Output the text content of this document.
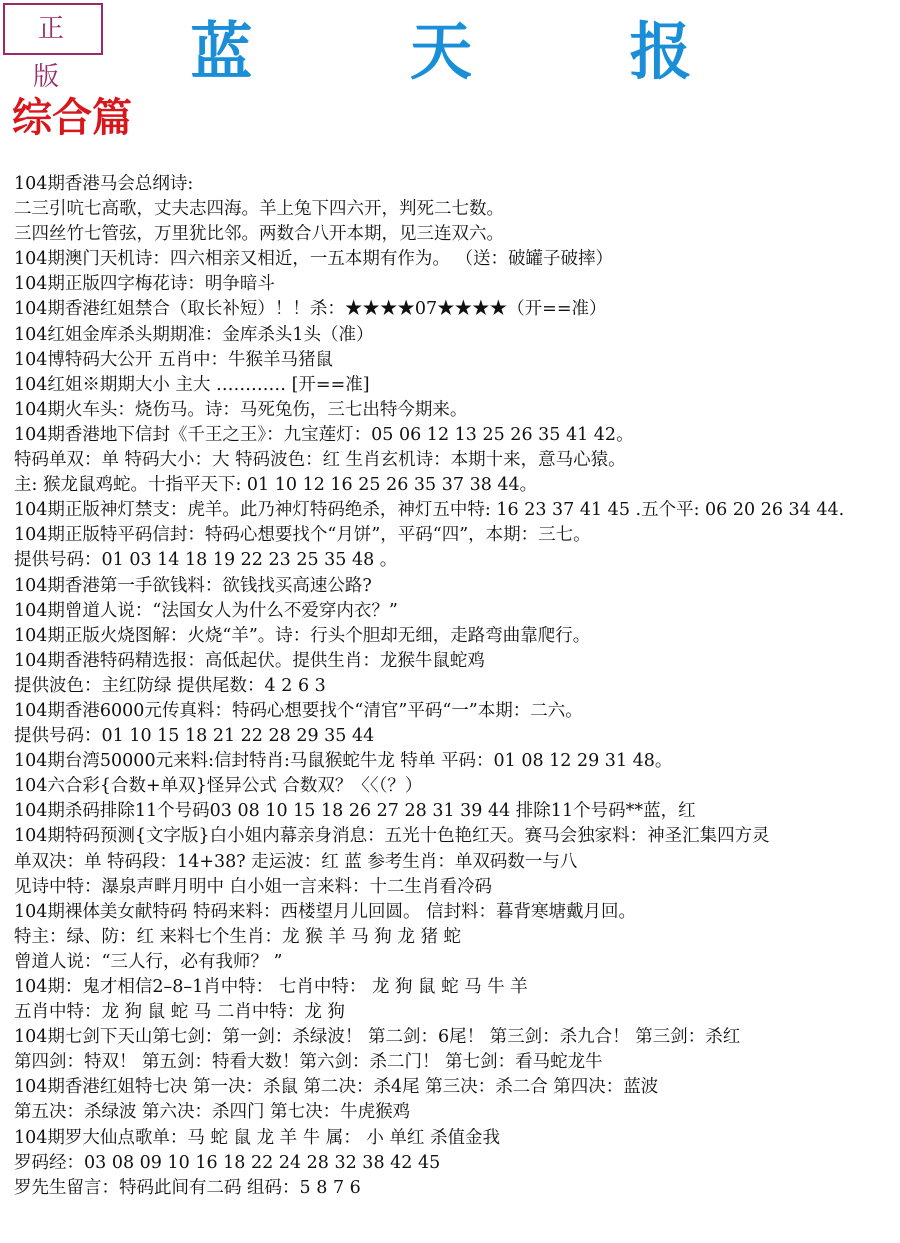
正 版	蓝 天 报
综合篇
104期香港马会总纲诗:
二三引吭七高歌，丈夫志四海。羊上兔下四六开，判死二七数。
三四丝竹七管弦，万里犹比邻。两数合八开本期，见三连双六。
104期澳门天机诗：四六相亲又相近，一五本期有作为。 （送：破罐子破摔）
104期正版四字梅花诗：明争暗斗
104期香港红姐禁合（取长补短）！！杀：★★★★07★★★★（开==准）
104红姐金库杀头期期准：金库杀头1头（准）
104博特码大公开 五肖中：牛猴羊马猪鼠
104红姐※期期大小 主大 ………… [开==准]
104期火车头：烧伤马。诗：马死兔伤，三七出特今期来。
104期香港地下信封《千王之王》：九宝莲灯：05 06 12 13 25 26 35 41 42。
特码单双：单 特码大小：大 特码波色：红 生肖玄机诗：本期十来，意马心猿。
主: 猴龙鼠鸡蛇。十指平天下: 01 10 12 16 25 26 35 37 38 44。
104期正版神灯禁支：虎羊。此乃神灯特码绝杀，神灯五中特: 16 23 37 41 45 .五个平: 06 20 26 34 44.
104期正版特平码信封：特码心想要找个“月饼”，平码“四”，本期：三七。
提供号码：01 03 14 18 19 22 23 25 35 48 。
104期香港第一手欲钱料：欲钱找买高速公路?
104期曾道人说：“法国女人为什么不爱穿内衣？”
104期正版火烧图解：火烧“羊”。诗：行头个胆却无细，走路弯曲靠爬行。
104期香港特码精选报：高低起伏。提供生肖：龙猴牛鼠蛇鸡
提供波色：主红防绿 提供尾数：4 2 6 3
104期香港6000元传真料：特码心想要找个“清官”平码“一”本期：二六。
提供号码：01 10 15 18 21 22 28 29 35 44
104期台湾50000元来料:信封特肖:马鼠猴蛇牛龙 特单 平码：01 08 12 29 31 48。
104六合彩{合数+单双}怪异公式 合数双？〈〈（？）
104期杀码排除11个号码03 08 10 15 18 26 27 28 31 39 44 排除11个号码**蓝，红
104期特码预测{文字版}白小姐内幕亲身消息：五光十色艳红天。赛马会独家料：神圣汇集四方灵
单双决：单 特码段：14+38? 走运波：红 蓝 参考生肖：单双码数一与八
见诗中特：瀑泉声畔月明中 白小姐一言来料：十二生肖看冷码
104期裸体美女献特码 特码来料：西楼望月儿回圆。 信封料：暮背寒塘戴月回。
特主：绿、防：红 来料七个生肖：龙 猴 羊 马 狗 龙 猪 蛇
曾道人说：“三人行，必有我师？ ”
104期：鬼才相信2–8–1肖中特： 七肖中特： 龙 狗 鼠 蛇 马 牛 羊
五肖中特：龙 狗 鼠 蛇 马 二肖中特：龙 狗
104期七剑下天山第七剑：第一剑：杀绿波！ 第二剑：6尾！ 第三剑：杀九合！ 第三剑：杀红
第四剑：特双！ 第五剑：特看大数！第六剑：杀二门！ 第七剑：看马蛇龙牛
104期香港红姐特七决 第一决：杀鼠 第二决：杀4尾 第三决：杀二合 第四决：蓝波
第五决：杀绿波 第六决：杀四门 第七决：牛虎猴鸡
104期罗大仙点歌单：马 蛇 鼠 龙 羊 牛 属： 小 单红 杀值金我
罗码经：03 08 09 10 16 18 22 24 28 32 38 42 45
罗先生留言：特码此间有二码 组码：5 8 7 6
